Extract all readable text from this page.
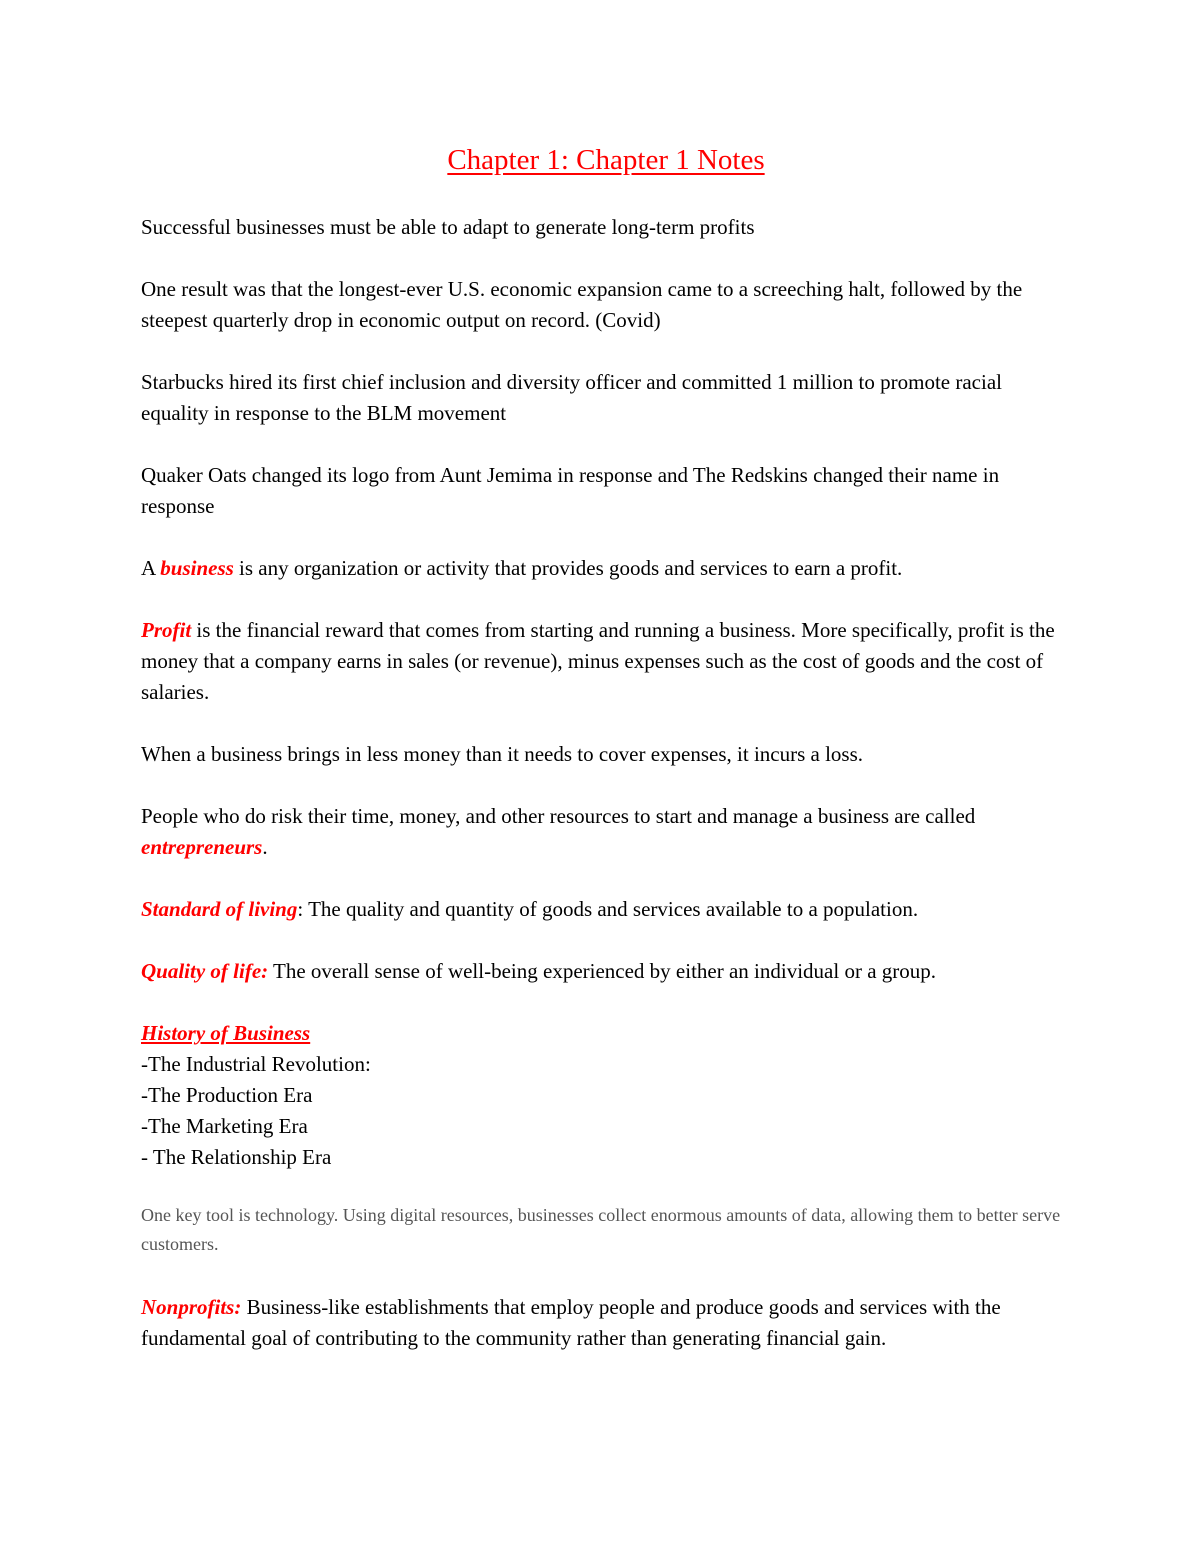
Chapter 1: Chapter 1 Notes

Successful businesses must be able to adapt to generate long-term profits

One result was that the longest-ever U.S. economic expansion came to a screeching halt, followed by the steepest quarterly drop in economic output on record. (Covid)

Starbucks hired its first chief inclusion and diversity officer and committed 1 million to promote racial equality in response to the BLM movement

Quaker Oats changed its logo from Aunt Jemima in response and The Redskins changed their name in response

A business is any organization or activity that provides goods and services to earn a profit.

Profit is the financial reward that comes from starting and running a business. More specifically, profit is the money that a company earns in sales (or revenue), minus expenses such as the cost of goods and the cost of salaries.

When a business brings in less money than it needs to cover expenses, it incurs a loss.

People who do risk their time, money, and other resources to start and manage a business are called entrepreneurs.

Standard of living: The quality and quantity of goods and services available to a population.

Quality of life: The overall sense of well-being experienced by either an individual or a group.

History of Business
-The Industrial Revolution:
-The Production Era
-The Marketing Era
- The Relationship Era

One key tool is technology. Using digital resources, businesses collect enormous amounts of data, allowing them to better serve customers.

Nonprofits: Business-like establishments that employ people and produce goods and services with the fundamental goal of contributing to the community rather than generating financial gain.
